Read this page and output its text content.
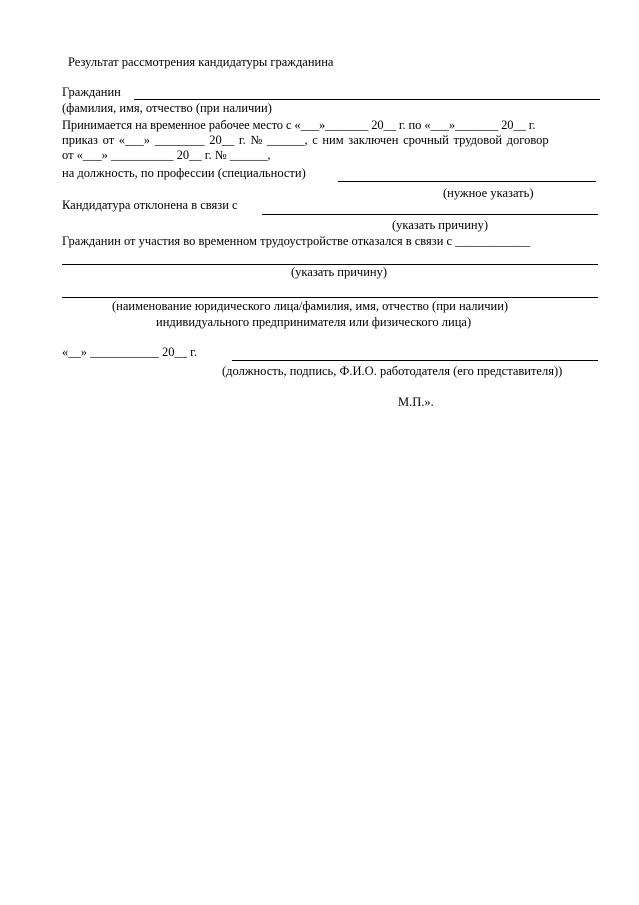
Результат рассмотрения кандидатуры гражданина
Гражданин
(фамилия, имя, отчество (при наличии)
Принимается на временное рабочее место с «___»_______ 20__ г. по «___»_______ 20__ г.
приказ от «___» ________ 20__ г. № ______, с ним заключен срочный трудовой договор
от «___» __________ 20__ г. № ______,
на должность, по профессии (специальности)
(нужное указать)
Кандидатура отклонена в связи с
(указать причину)
Гражданин от участия во временном трудоустройстве отказался в связи с ____________
(указать причину)
(наименование юридического лица/фамилия, имя, отчество (при наличии)
индивидуального предпринимателя или физического лица)
«__» ___________ 20__ г.
(должность, подпись, Ф.И.О. работодателя (его представителя))
М.П.».
